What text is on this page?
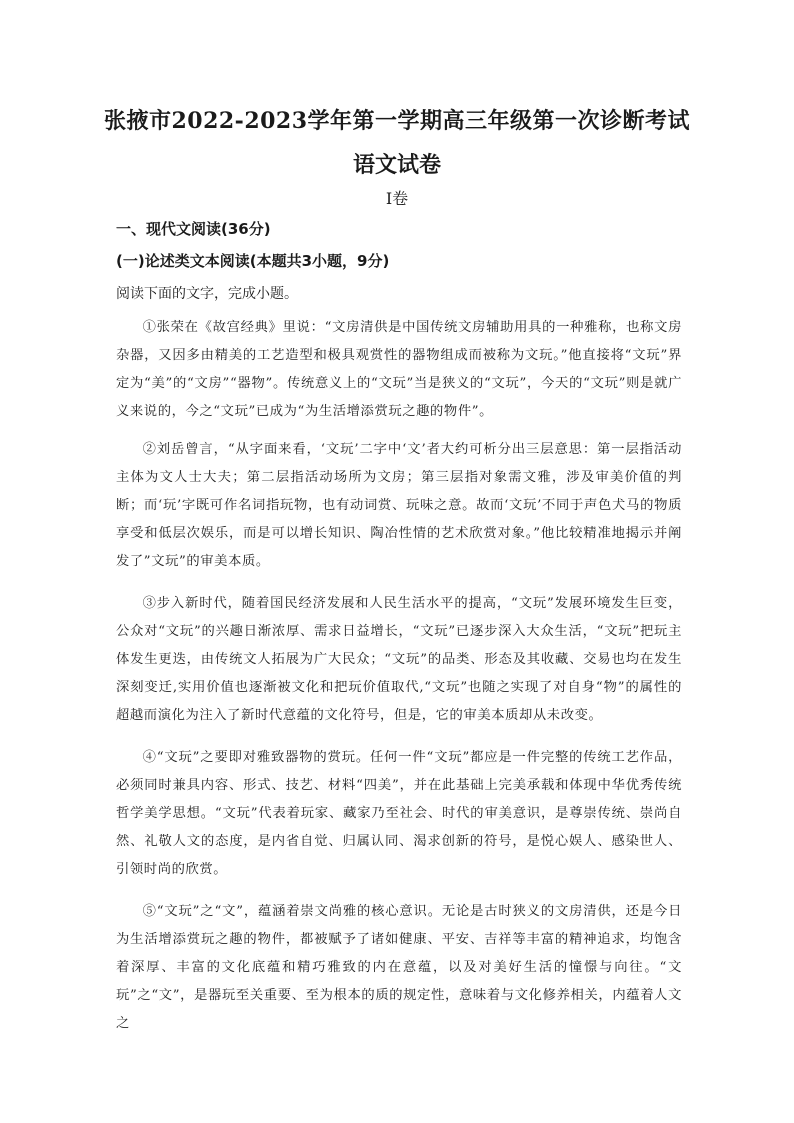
张掖市2022-2023学年第一学期高三年级第一次诊断考试
语文试卷
I卷
一、现代文阅读(36分)
(一)论述类文本阅读(本题共3小题，9分)
阅读下面的文字，完成小题。

①张荣在《故宫经典》里说：“文房清供是中国传统文房辅助用具的一种雅称，也称文房杂器，又因多由精美的工艺造型和极具观赏性的器物组成而被称为文玩。”他直接将“文玩”界定为“美”的“文房”“器物”。传统意义上的“文玩”当是狭义的“文玩”，今天的“文玩”则是就广义来说的，今之“文玩”已成为“为生活增添赏玩之趣的物件”。

②刘岳曾言，“从字面来看，‘文玩’二字中‘文’者大约可析分出三层意思：第一层指活动主体为文人士大夫；第二层指活动场所为文房；第三层指对象需文雅，涉及审美价值的判断；而‘玩’字既可作名词指玩物，也有动词赏、玩味之意。故而‘文玩’不同于声色犬马的物质享受和低层次娱乐，而是可以增长知识、陶冶性情的艺术欣赏对象。”他比较精准地揭示并阐发了”文玩”的审美本质。

③步入新时代，随着国民经济发展和人民生活水平的提高，“文玩”发展环境发生巨变，公众对“文玩”的兴趣日渐浓厚、需求日益增长，“文玩”已逐步深入大众生活，“文玩”把玩主体发生更迭，由传统文人拓展为广大民众；“文玩”的品类、形态及其收藏、交易也均在发生深刻变迁,实用价值也逐渐被文化和把玩价值取代,“文玩”也随之实现了对自身“物”的属性的超越而演化为注入了新时代意蕴的文化符号，但是，它的审美本质却从未改变。

④“文玩”之要即对雅致器物的赏玩。任何一件“文玩”都应是一件完整的传统工艺作品，必须同时兼具内容、形式、技艺、材料“四美”，并在此基础上完美承载和体现中华优秀传统哲学美学思想。“文玩”代表着玩家、藏家乃至社会、时代的审美意识，是尊崇传统、崇尚自然、礼敬人文的态度，是内省自觉、归属认同、渴求创新的符号，是悦心娱人、感染世人、引领时尚的欣赏。

⑤“文玩”之“文”，蕴涵着崇文尚雅的核心意识。无论是古时狭义的文房清供，还是今日为生活增添赏玩之趣的物件，都被赋予了诸如健康、平安、吉祥等丰富的精神追求，均饱含着深厚、丰富的文化底蕴和精巧雅致的内在意蕴，以及对美好生活的憧憬与向往。“文玩”之“文”，是器玩至关重要、至为根本的质的规定性，意味着与文化修养相关，内蕴着人文之
